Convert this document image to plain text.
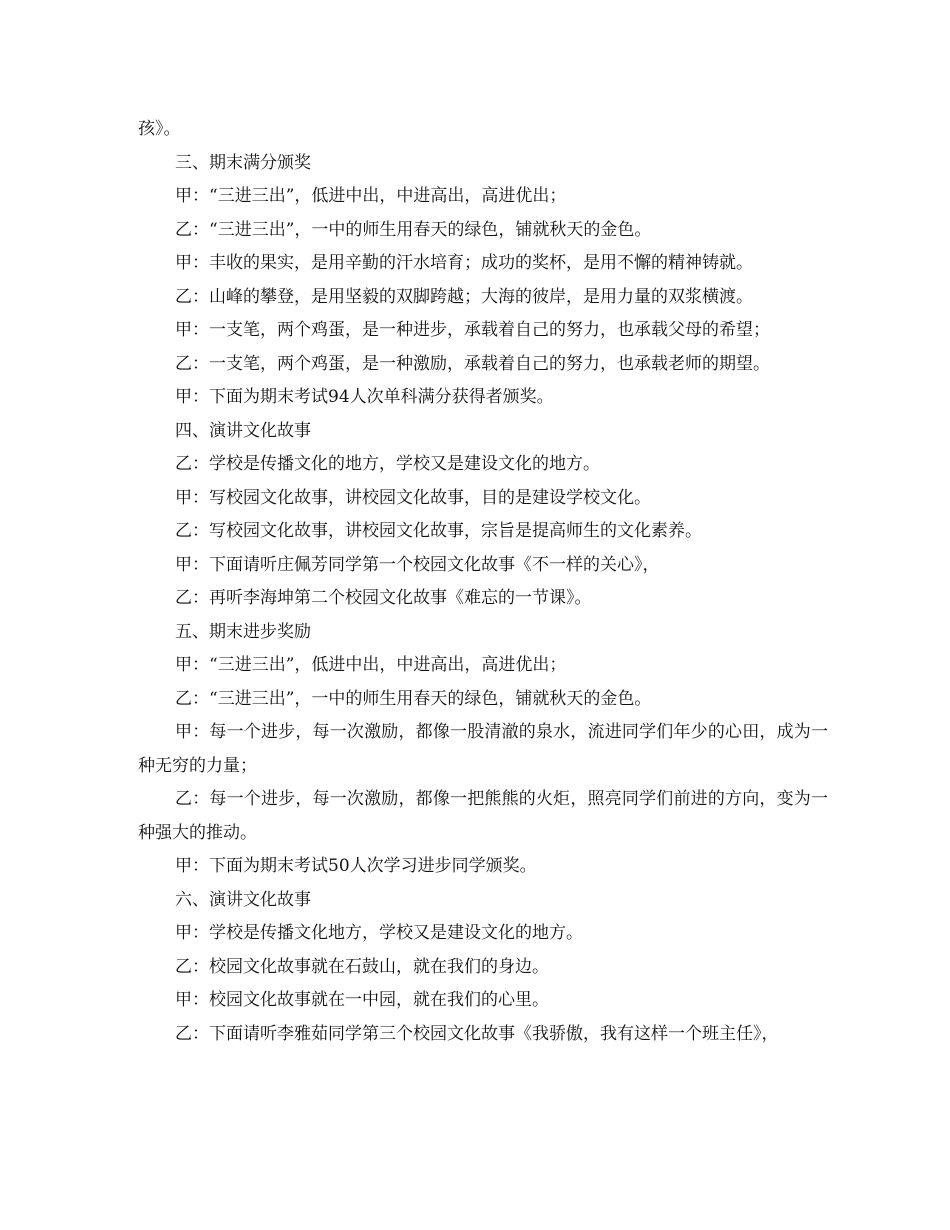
孩》。
三、期末满分颁奖
甲：“三进三出”，低进中出，中进高出，高进优出；
乙：“三进三出”，一中的师生用春天的绿色，铺就秋天的金色。
甲：丰收的果实，是用辛勤的汗水培育；成功的奖杯，是用不懈的精神铸就。
乙：山峰的攀登，是用坚毅的双脚跨越；大海的彼岸，是用力量的双浆横渡。
甲：一支笔，两个鸡蛋，是一种进步，承载着自己的努力，也承载父母的希望；
乙：一支笔，两个鸡蛋，是一种激励，承载着自己的努力，也承载老师的期望。
甲：下面为期末考试94人次单科满分获得者颁奖。
四、演讲文化故事
乙：学校是传播文化的地方，学校又是建设文化的地方。
甲：写校园文化故事，讲校园文化故事，目的是建设学校文化。
乙：写校园文化故事，讲校园文化故事，宗旨是提高师生的文化素养。
甲：下面请听庄佩芳同学第一个校园文化故事《不一样的关心》，
乙：再听李海坤第二个校园文化故事《难忘的一节课》。
五、期末进步奖励
甲：“三进三出”，低进中出，中进高出，高进优出；
乙：“三进三出”，一中的师生用春天的绿色，铺就秋天的金色。
甲：每一个进步，每一次激励，都像一股清澈的泉水，流进同学们年少的心田，成为一种无穷的力量；
乙：每一个进步，每一次激励，都像一把熊熊的火炬，照亮同学们前进的方向，变为一种强大的推动。
甲：下面为期末考试50人次学习进步同学颁奖。
六、演讲文化故事
甲：学校是传播文化地方，学校又是建设文化的地方。
乙：校园文化故事就在石鼓山，就在我们的身边。
甲：校园文化故事就在一中园，就在我们的心里。
乙：下面请听李雅茹同学第三个校园文化故事《我骄傲，我有这样一个班主任》，
